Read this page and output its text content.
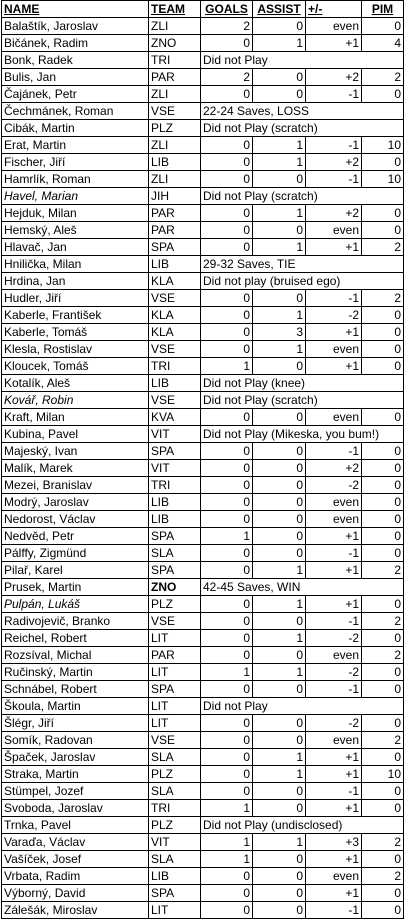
NAME	TEAM	GOALS	ASSIST	+/-	PIM
Balaštík, Jaroslav	ZLI	2	0	even	0
Bičánek, Radim	ZNO	0	1	+1	4
Bonk, Radek	TRI	Did not Play			
Bulis, Jan	PAR	2	0	+2	2
Čajánek, Petr	ZLI	0	0	-1	0
Čechmánek, Roman	VSE	22-24 Saves, LOSS			
Cibák, Martin	PLZ	Did not Play (scratch)			
Erat, Martin	ZLI	0	1	-1	10
Fischer, Jiří	LIB	0	1	+2	0
Hamrlík, Roman	ZLI	0	0	-1	10
Havel, Marian	JIH	Did not Play (scratch)			
Hejduk, Milan	PAR	0	1	+2	0
Hemský, Aleš	PAR	0	0	even	0
Hlavač, Jan	SPA	0	1	+1	2
Hnilička, Milan	LIB	29-32 Saves, TIE			
Hrdina, Jan	KLA	Did not play (bruised ego)			
Hudler, Jiří	VSE	0	0	-1	2
Kaberle, František	KLA	0	1	-2	0
Kaberle, Tomáš	KLA	0	3	+1	0
Klesla, Rostislav	VSE	0	1	even	0
Kloucek, Tomáš	TRI	1	0	+1	0
Kotalík, Aleš	LIB	Did not Play (knee)			
Kovář, Robin	VSE	Did not Play (scratch)			
Kraft, Milan	KVA	0	0	even	0
Kubina, Pavel	VIT	Did not Play (Mikeska, you bum!)			
Majeský, Ivan	SPA	0	0	-1	0
Malík, Marek	VIT	0	0	+2	0
Mezei, Branislav	TRI	0	0	-2	0
Modrý, Jaroslav	LIB	0	0	even	0
Nedorost, Václav	LIB	0	0	even	0
Nedvěd, Petr	SPA	1	0	+1	0
Pálffy, Zigmünd	SLA	0	0	-1	0
Pilař, Karel	SPA	0	1	+1	2
Prusek, Martin	ZNO	42-45 Saves, WIN			
Pulpán, Lukáš	PLZ	0	1	+1	0
Radivojevič, Branko	VSE	0	0	-1	2
Reichel, Robert	LIT	0	1	-2	0
Rozsíval, Michal	PAR	0	0	even	2
Ručinský, Martin	LIT	1	1	-2	0
Schnábel, Robert	SPA	0	0	-1	0
Škoula, Martin	LIT	Did not Play			
Šlégr, Jiří	LIT	0	0	-2	0
Somík, Radovan	VSE	0	0	even	2
Špaček, Jaroslav	SLA	0	1	+1	0
Straka, Martin	PLZ	0	1	+1	10
Stümpel, Jozef	SLA	0	0	-1	0
Svoboda, Jaroslav	TRI	1	0	+1	0
Trnka, Pavel	PLZ	Did not Play (undisclosed)			
Varaďa, Václav	VIT	1	1	+3	2
Vašíček, Josef	SLA	1	0	+1	0
Vrbata, Radim	LIB	0	0	even	2
Výborný, David	SPA	0	0	+1	0
Zálešák, Miroslav	LIT	0	0	-1	0
